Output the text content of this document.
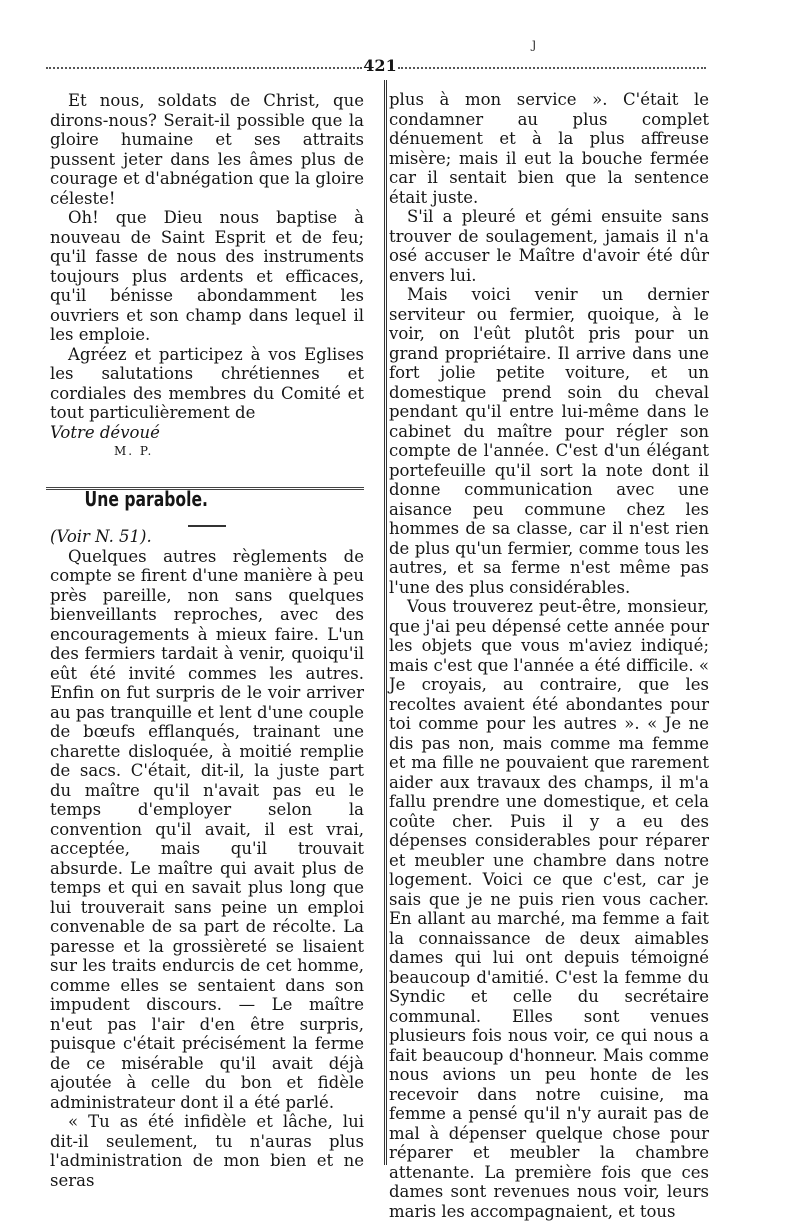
421
ȷ

Et nous, soldats de Christ, que dirons-nous? Serait-il possible que la gloire humaine et ses attraits pussent jeter dans les âmes plus de courage et d'abnégation que la gloire céleste!

Oh! que Dieu nous baptise à nouveau de Saint Esprit et de feu; qu'il fasse de nous des instruments toujours plus ardents et efficaces, qu'il bénisse abondamment les ouvriers et son champ dans lequel il les emploie.

Agréez et participez à vos Eglises les salutations chrétiennes et cordiales des membres du Comité et tout particulièrement de

Votre dévoué

M. P.

Une parabole.

(Voir N. 51).

Quelques autres règlements de compte se firent d'une manière à peu près pareille, non sans quelques bienveillants reproches, avec des encouragements à mieux faire. L'un des fermiers tardait à venir, quoiqu'il eût été invité commes les autres. Enfin on fut surpris de le voir arriver au pas tranquille et lent d'une couple de bœufs efflanqués, trainant une charette disloquée, à moitié remplie de sacs. C'était, dit-il, la juste part du maître qu'il n'avait pas eu le temps d'employer selon la convention qu'il avait, il est vrai, acceptée, mais qu'il trouvait absurde. Le maître qui avait plus de temps et qui en savait plus long que lui trouverait sans peine un emploi convenable de sa part de récolte. La paresse et la grossièreté se lisaient sur les traits endurcis de cet homme, comme elles se sentaient dans son impudent discours. — Le maître n'eut pas l'air d'en être surpris, puisque c'était précisément la ferme de ce misérable qu'il avait déjà ajoutée à celle du bon et fidèle administrateur dont il a été parlé.

« Tu as été infidèle et lâche, lui dit-il seulement, tu n'auras plus l'administration de mon bien et ne seras

plus à mon service ». C'était le condamner au plus complet dénuement et à la plus affreuse misère; mais il eut la bouche fermée car il sentait bien que la sentence était juste.

S'il a pleuré et gémi ensuite sans trouver de soulagement, jamais il n'a osé accuser le Maître d'avoir été dûr envers lui.

Mais voici venir un dernier serviteur ou fermier, quoique, à le voir, on l'eût plutôt pris pour un grand propriétaire. Il arrive dans une fort jolie petite voiture, et un domestique prend soin du cheval pendant qu'il entre lui-même dans le cabinet du maître pour régler son compte de l'année. C'est d'un élégant portefeuille qu'il sort la note dont il donne communication avec une aisance peu commune chez les hommes de sa classe, car il n'est rien de plus qu'un fermier, comme tous les autres, et sa ferme n'est même pas l'une des plus considérables.

Vous trouverez peut-être, monsieur, que j'ai peu dépensé cette année pour les objets que vous m'aviez indiqué; mais c'est que l'année a été difficile. « Je croyais, au contraire, que les recoltes avaient été abondantes pour toi comme pour les autres ». « Je ne dis pas non, mais comme ma femme et ma fille ne pouvaient que rarement aider aux travaux des champs, il m'a fallu prendre une domestique, et cela coûte cher. Puis il y a eu des dépenses considerables pour réparer et meubler une chambre dans notre logement. Voici ce que c'est, car je sais que je ne puis rien vous cacher. En allant au marché, ma femme a fait la connaissance de deux aimables dames qui lui ont depuis témoigné beaucoup d'amitié. C'est la femme du Syndic et celle du secrétaire communal. Elles sont venues plusieurs fois nous voir, ce qui nous a fait beaucoup d'honneur. Mais comme nous avions un peu honte de les recevoir dans notre cuisine, ma femme a pensé qu'il n'y aurait pas de mal à dépenser quelque chose pour réparer et meubler la chambre attenante. La première fois que ces dames sont revenues nous voir, leurs maris les accompagnaient, et tous
